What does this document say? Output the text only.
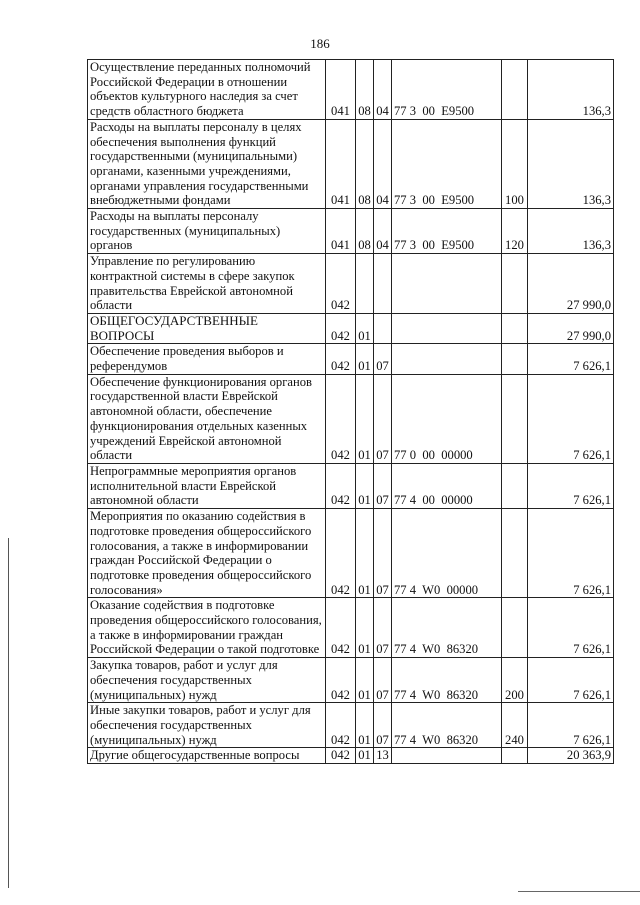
186
Осуществление переданных полномочий Российской Федерации в отношении объектов культурного наследия за счет средств областного бюджета	041	08	04	77 3  00  Е9500		136,3
Расходы на выплаты персоналу в целях обеспечения выполнения функций государственными (муниципальными) органами, казенными учреждениями, органами управления государственными внебюджетными фондами	041	08	04	77 3  00  Е9500	100	136,3
Расходы на выплаты персоналу государственных (муниципальных) органов	041	08	04	77 3  00  Е9500	120	136,3
Управление по регулированию контрактной системы в сфере закупок правительства Еврейской автономной области	042					27 990,0
ОБЩЕГОСУДАРСТВЕННЫЕ ВОПРОСЫ	042	01				27 990,0
Обеспечение проведения выборов и референдумов	042	01	07			7 626,1
Обеспечение функционирования органов государственной власти Еврейской автономной области, обеспечение функционирования отдельных казенных учреждений Еврейской автономной области	042	01	07	77 0  00  00000		7 626,1
Непрограммные мероприятия органов исполнительной власти Еврейской автономной области	042	01	07	77 4  00  00000		7 626,1
Мероприятия по оказанию содействия в подготовке проведения общероссийского голосования, а также в информировании граждан Российской Федерации о подготовке проведения общероссийского голосования»	042	01	07	77 4  W0  00000		7 626,1
Оказание содействия в подготовке проведения общероссийского голосования, а также в информировании граждан Российской Федерации о такой подготовке	042	01	07	77 4  W0  86320		7 626,1
Закупка товаров, работ и услуг для обеспечения государственных (муниципальных) нужд	042	01	07	77 4  W0  86320	200	7 626,1
Иные закупки товаров, работ и услуг для обеспечения государственных (муниципальных) нужд	042	01	07	77 4  W0  86320	240	7 626,1
Другие общегосударственные вопросы	042	01	13			20 363,9
